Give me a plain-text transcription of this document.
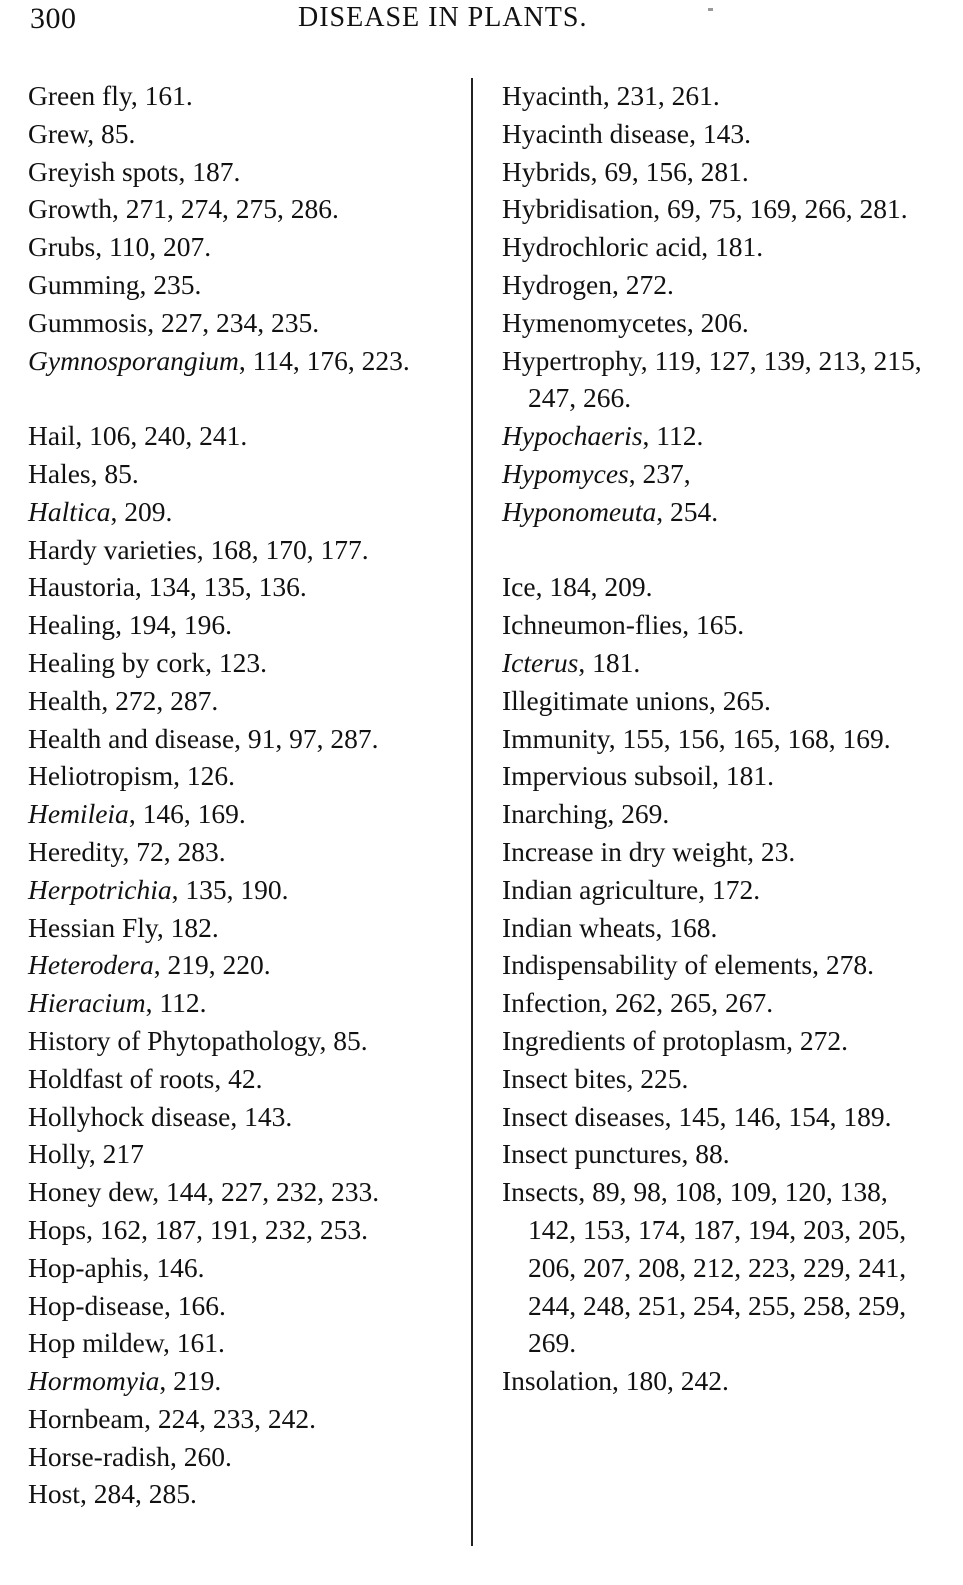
300	DISEASE IN PLANTS.
Green fly, 161.
Grew, 85.
Greyish spots, 187.
Growth, 271, 274, 275, 286.
Grubs, 110, 207.
Gumming, 235.
Gummosis, 227, 234, 235.
Gymnosporangium, 114, 176, 223.
Hail, 106, 240, 241.
Hales, 85.
Haltica, 209.
Hardy varieties, 168, 170, 177.
Haustoria, 134, 135, 136.
Healing, 194, 196.
Healing by cork, 123.
Health, 272, 287.
Health and disease, 91, 97, 287.
Heliotropism, 126.
Hemileia, 146, 169.
Heredity, 72, 283.
Herpotrichia, 135, 190.
Hessian Fly, 182.
Heterodera, 219, 220.
Hieracium, 112.
History of Phytopathology, 85.
Holdfast of roots, 42.
Hollyhock disease, 143.
Holly, 217
Honey dew, 144, 227, 232, 233.
Hops, 162, 187, 191, 232, 253.
Hop-aphis, 146.
Hop-disease, 166.
Hop mildew, 161.
Hormomyia, 219.
Hornbeam, 224, 233, 242.
Horse-radish, 260.
Host, 284, 285.
Hyacinth, 231, 261.
Hyacinth disease, 143.
Hybrids, 69, 156, 281.
Hybridisation, 69, 75, 169, 266, 281.
Hydrochloric acid, 181.
Hydrogen, 272.
Hymenomycetes, 206.
Hypertrophy, 119, 127, 139, 213, 215, 247, 266.
Hypochaeris, 112.
Hypomyces, 237,
Hyponomeuta, 254.
Ice, 184, 209.
Ichneumon-flies, 165.
Icterus, 181.
Illegitimate unions, 265.
Immunity, 155, 156, 165, 168, 169.
Impervious subsoil, 181.
Inarching, 269.
Increase in dry weight, 23.
Indian agriculture, 172.
Indian wheats, 168.
Indispensability of elements, 278.
Infection, 262, 265, 267.
Ingredients of protoplasm, 272.
Insect bites, 225.
Insect diseases, 145, 146, 154, 189.
Insect punctures, 88.
Insects, 89, 98, 108, 109, 120, 138, 142, 153, 174, 187, 194, 203, 205, 206, 207, 208, 212, 223, 229, 241, 244, 248, 251, 254, 255, 258, 259, 269.
Insolation, 180, 242.
